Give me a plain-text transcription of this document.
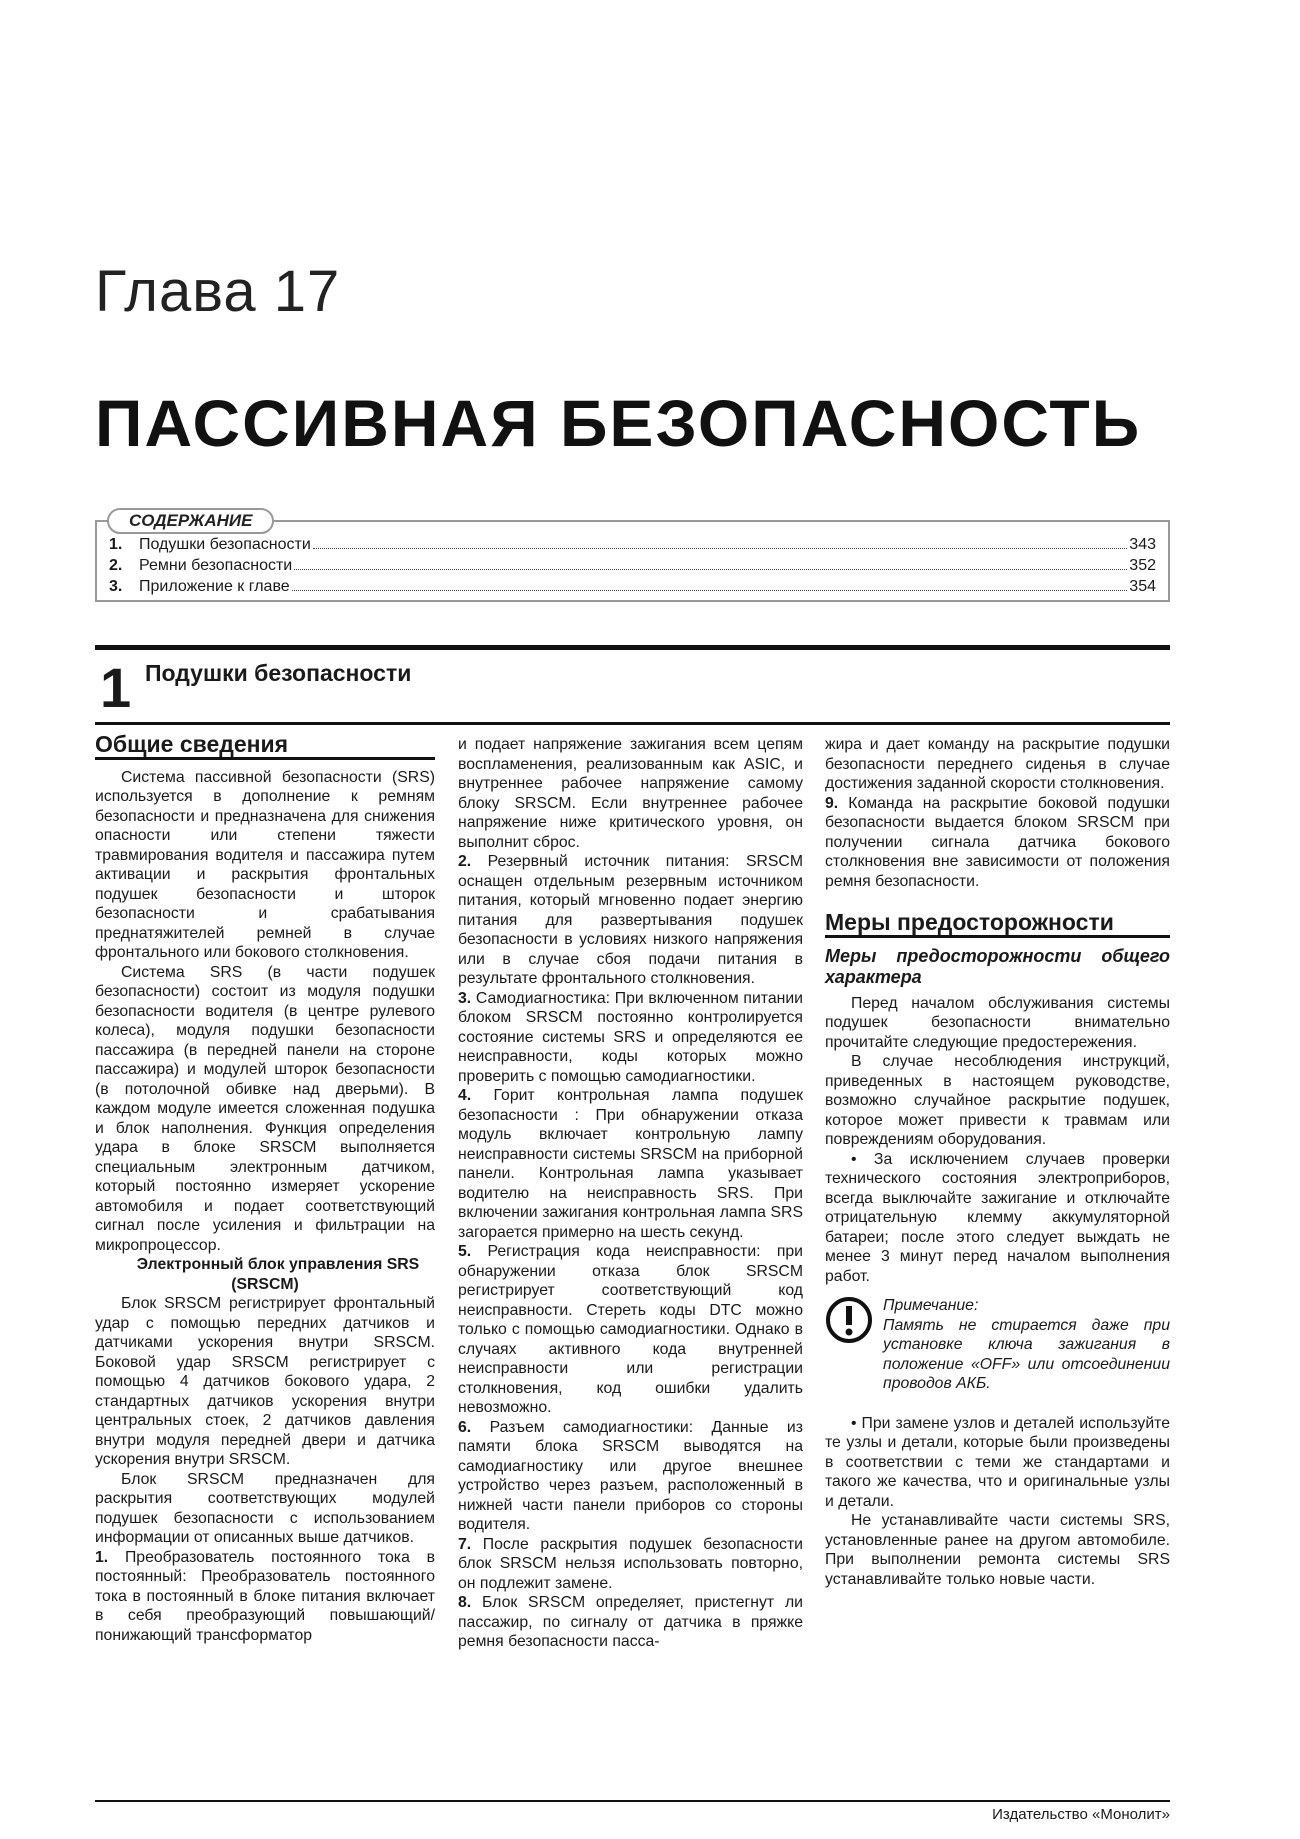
Глава 17
ПАССИВНАЯ БЕЗОПАСНОСТЬ
СОДЕРЖАНИЕ
1.	Подушки безопасности	343
2.	Ремни безопасности	352
3.	Приложение к главе	354
1 Подушки безопасности
Общие сведения

Система пассивной безопасности (SRS) используется в дополнение к ремням безопасности и предназначена для снижения опасности или степени тяжести травмирования водителя и пассажира путем активации и раскрытия фронтальных подушек безопасности и шторок безопасности и срабатывания преднатяжителей ремней в случае фронтального или бокового столкновения.

Система SRS (в части подушек безопасности) состоит из модуля подушки безопасности водителя (в центре рулевого колеса), модуля подушки безопасности пассажира (в передней панели на стороне пассажира) и модулей шторок безопасности (в потолочной обивке над дверьми). В каждом модуле имеется сложенная подушка и блок наполнения. Функция определения удара в блоке SRSCM выполняется специальным электронным датчиком, который постоянно измеряет ускорение автомобиля и подает соответствующий сигнал после усиления и фильтрации на микропроцессор.

Электронный блок управления SRS (SRSCM)

Блок SRSCM регистрирует фронтальный удар с помощью передних датчиков и датчиками ускорения внутри SRSCM. Боковой удар SRSCM регистрирует с помощью 4 датчиков бокового удара, 2 стандартных датчиков ускорения внутри центральных стоек, 2 датчиков давления внутри модуля передней двери и датчика ускорения внутри SRSCM.

Блок SRSCM предназначен для раскрытия соответствующих модулей подушек безопасности с использованием информации от описанных выше датчиков.

1. Преобразователь постоянного тока в постоянный: Преобразователь постоянного тока в постоянный в блоке питания включает в себя преобразующий повышающий/понижающий трансформатор

и подает напряжение зажигания всем цепям воспламенения, реализованным как ASIC, и внутреннее рабочее напряжение самому блоку SRSCM. Если внутреннее рабочее напряжение ниже критического уровня, он выполнит сброс.

2. Резервный источник питания: SRSCM оснащен отдельным резервным источником питания, который мгновенно подает энергию питания для развертывания подушек безопасности в условиях низкого напряжения или в случае сбоя подачи питания в результате фронтального столкновения.

3. Самодиагностика: При включенном питании блоком SRSCM постоянно контролируется состояние системы SRS и определяются ее неисправности, коды которых можно проверить с помощью самодиагностики.

4. Горит контрольная лампа подушек безопасности : При обнаружении отказа модуль включает контрольную лампу неисправности системы SRSCM на приборной панели. Контрольная лампа указывает водителю на неисправность SRS. При включении зажигания контрольная лампа SRS загорается примерно на шесть секунд.

5. Регистрация кода неисправности: при обнаружении отказа блок SRSCM регистрирует соответствующий код неисправности. Стереть коды DTC можно только с помощью самодиагностики. Однако в случаях активного кода внутренней неисправности или регистрации столкновения, код ошибки удалить невозможно.

6. Разъем самодиагностики: Данные из памяти блока SRSCM выводятся на самодиагностику или другое внешнее устройство через разъем, расположенный в нижней части панели приборов со стороны водителя.

7. После раскрытия подушек безопасности блок SRSCM нельзя использовать повторно, он подлежит замене.

8. Блок SRSCM определяет, пристегнут ли пассажир, по сигналу от датчика в пряжке ремня безопасности пасса-

жира и дает команду на раскрытие подушки безопасности переднего сиденья в случае достижения заданной скорости столкновения.

9. Команда на раскрытие боковой подушки безопасности выдается блоком SRSCM при получении сигнала датчика бокового столкновения вне зависимости от положения ремня безопасности.

Меры предосторожности
Меры предосторожности общего характера

Перед началом обслуживания системы подушек безопасности внимательно прочитайте следующие предостережения.

В случае несоблюдения инструкций, приведенных в настоящем руководстве, возможно случайное раскрытие подушек, которое может привести к травмам или повреждениям оборудования.

• За исключением случаев проверки технического состояния электроприборов, всегда выключайте зажигание и отключайте отрицательную клемму аккумуляторной батареи; после этого следует выждать не менее 3 минут перед началом выполнения работ.

Примечание:
Память не стирается даже при установке ключа зажигания в положение «OFF» или отсоединении проводов АКБ.

• При замене узлов и деталей используйте те узлы и детали, которые были произведены в соответствии с теми же стандартами и такого же качества, что и оригинальные узлы и детали.

Не устанавливайте части системы SRS, установленные ранее на другом автомобиле. При выполнении ремонта системы SRS устанавливайте только новые части.

Издательство «Монолит»
